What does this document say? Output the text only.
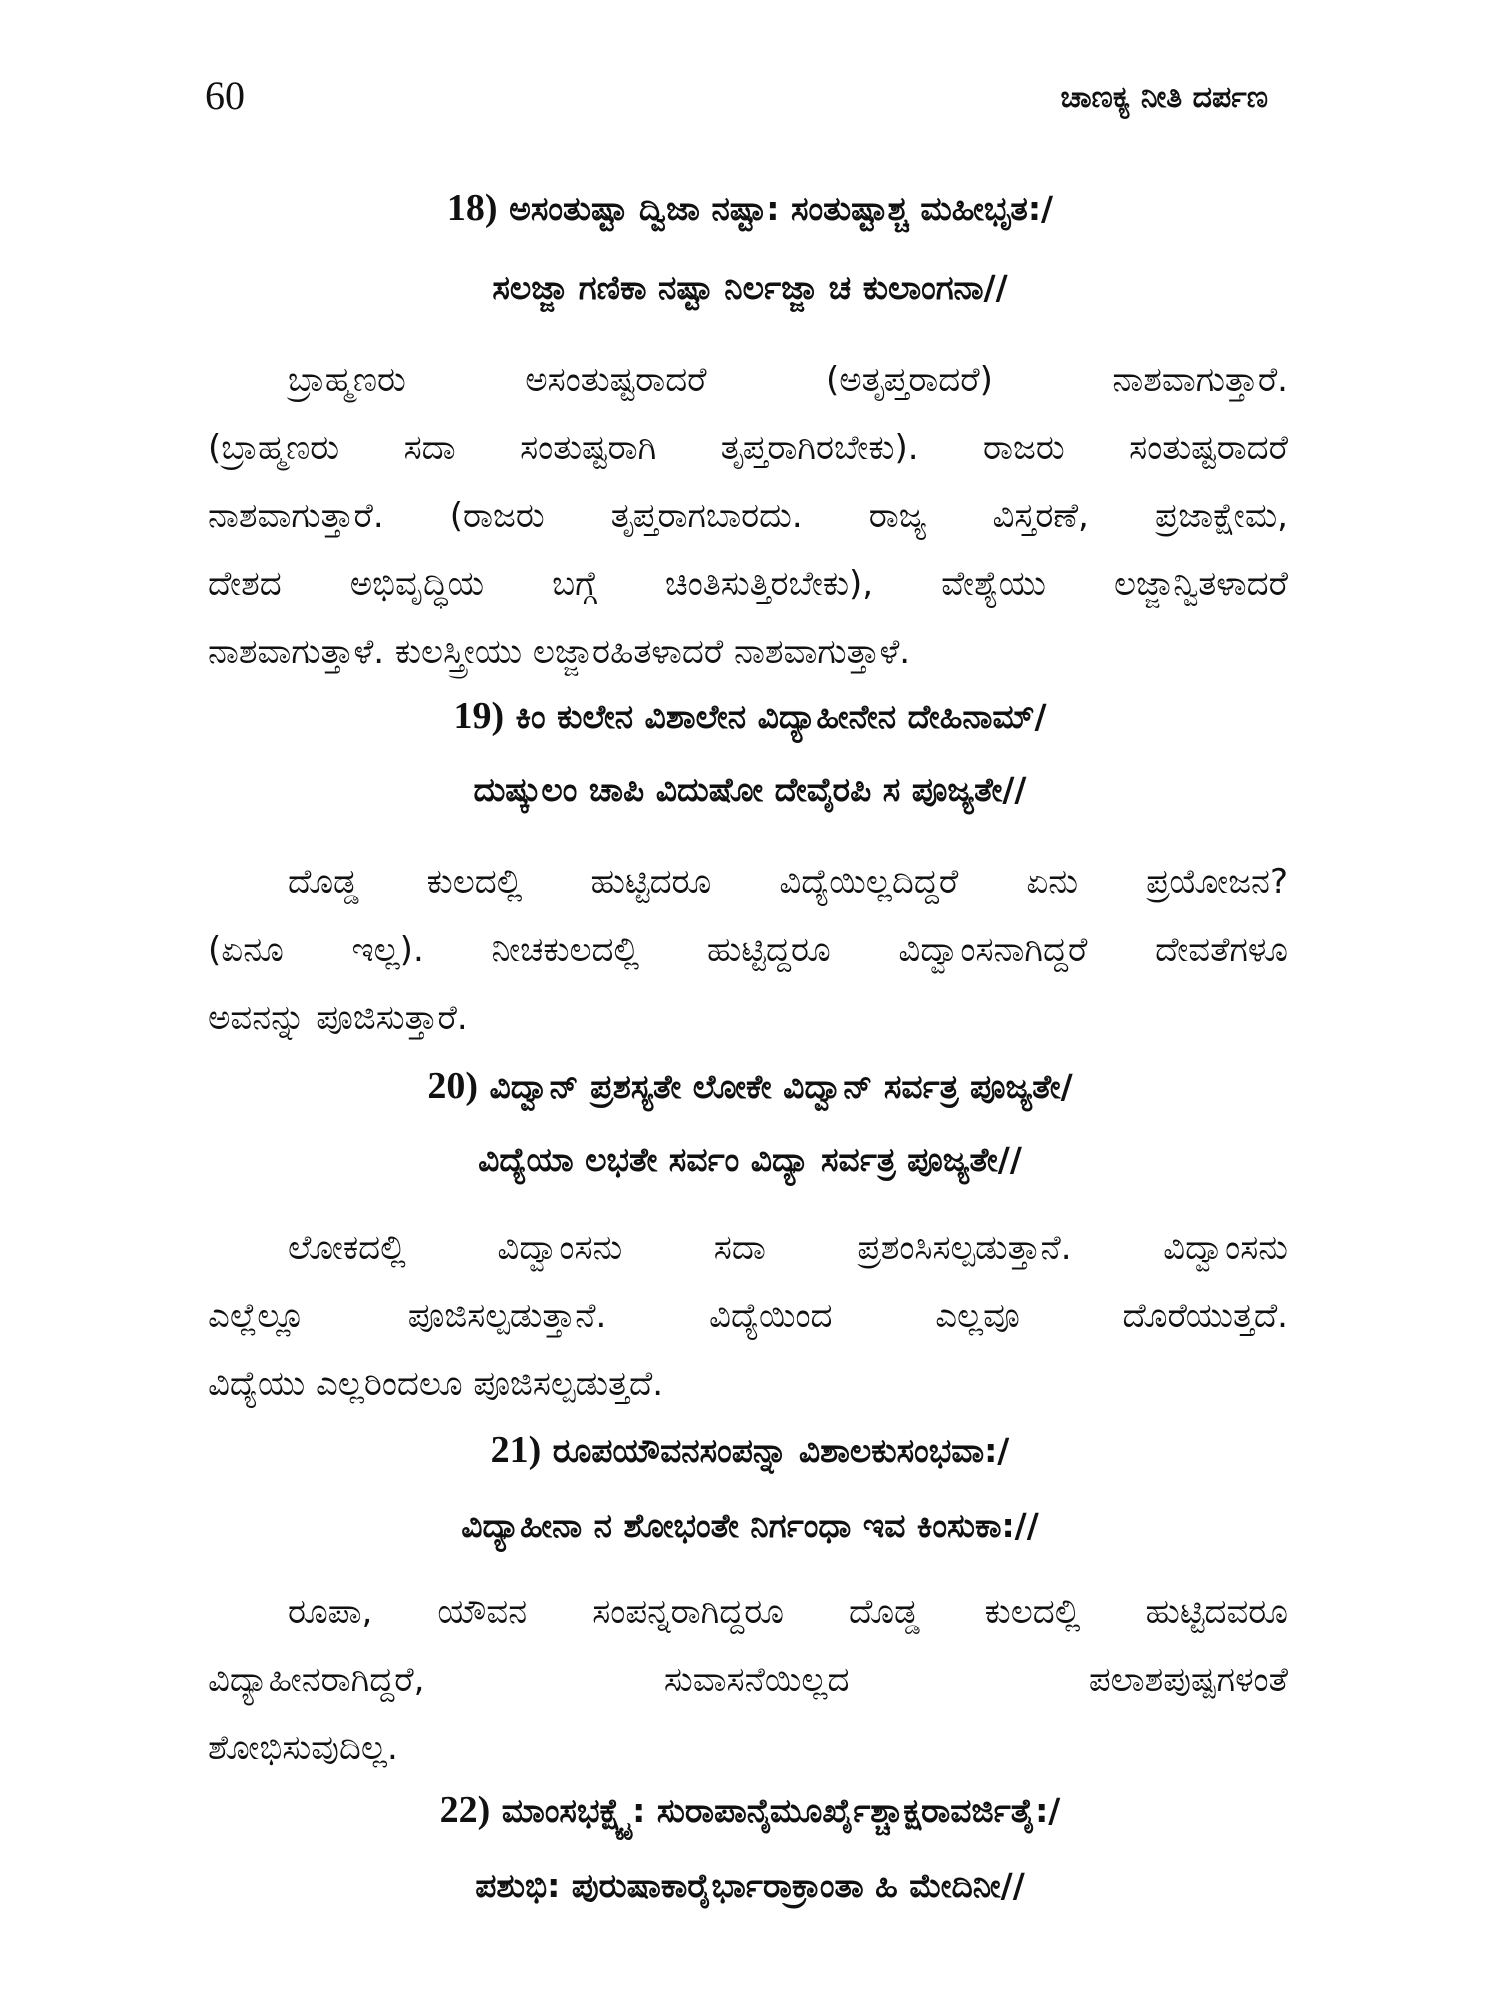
60	ಚಾಣಕ್ಯ ನೀತಿ ದರ್ಪಣ
18) ಅಸಂತುಷ್ಟಾ ದ್ವಿಜಾ ನಷ್ಟಾ: ಸಂತುಷ್ಟಾಶ್ಚ ಮಹೀಭೃತ:/
ಸಲಜ್ಜಾ ಗಣಿಕಾ ನಷ್ಟಾ ನಿರ್ಲಜ್ಜಾ ಚ ಕುಲಾಂಗನಾ//
ಬ್ರಾಹ್ಮಣರು ಅಸಂತುಷ್ಟರಾದರೆ (ಅತೃಪ್ತರಾದರೆ) ನಾಶವಾಗುತ್ತಾರೆ.
(ಬ್ರಾಹ್ಮಣರು ಸದಾ ಸಂತುಷ್ಟರಾಗಿ ತೃಪ್ತರಾಗಿರಬೇಕು). ರಾಜರು ಸಂತುಷ್ಟರಾದರೆ
ನಾಶವಾಗುತ್ತಾರೆ. (ರಾಜರು ತೃಪ್ತರಾಗಬಾರದು. ರಾಜ್ಯ ವಿಸ್ತರಣೆ, ಪ್ರಜಾಕ್ಷೇಮ,
ದೇಶದ ಅಭಿವೃದ್ಧಿಯ ಬಗ್ಗೆ ಚಿಂತಿಸುತ್ತಿರಬೇಕು), ವೇಶ್ಯೆಯು ಲಜ್ಜಾನ್ವಿತಳಾದರೆ
ನಾಶವಾಗುತ್ತಾಳೆ. ಕುಲಸ್ತ್ರೀಯು ಲಜ್ಜಾರಹಿತಳಾದರೆ ನಾಶವಾಗುತ್ತಾಳೆ.
19) ಕಿಂ ಕುಲೇನ ವಿಶಾಲೇನ ವಿದ್ಯಾಹೀನೇನ ದೇಹಿನಾಮ್/
ದುಷ್ಕುಲಂ ಚಾಪಿ ವಿದುಷೋ ದೇವೈರಪಿ ಸ ಪೂಜ್ಯತೇ//
ದೊಡ್ಡ ಕುಲದಲ್ಲಿ ಹುಟ್ಟಿದರೂ ವಿದ್ಯೆಯಿಲ್ಲದಿದ್ದರೆ ಏನು ಪ್ರಯೋಜನ?
(ಏನೂ ಇಲ್ಲ). ನೀಚಕುಲದಲ್ಲಿ ಹುಟ್ಟಿದ್ದರೂ ವಿದ್ವಾಂಸನಾಗಿದ್ದರೆ ದೇವತೆಗಳೂ
ಅವನನ್ನು ಪೂಜಿಸುತ್ತಾರೆ.
20) ವಿದ್ವಾನ್ ಪ್ರಶಸ್ಯತೇ ಲೋಕೇ ವಿದ್ವಾನ್ ಸರ್ವತ್ರ ಪೂಜ್ಯತೇ/
ವಿದ್ಯೆಯಾ ಲಭತೇ ಸರ್ವಂ ವಿದ್ಯಾ ಸರ್ವತ್ರ ಪೂಜ್ಯತೇ//
ಲೋಕದಲ್ಲಿ ವಿದ್ವಾಂಸನು ಸದಾ ಪ್ರಶಂಸಿಸಲ್ಪಡುತ್ತಾನೆ. ವಿದ್ವಾಂಸನು
ಎಲ್ಲೆಲ್ಲೂ ಪೂಜಿಸಲ್ಪಡುತ್ತಾನೆ. ವಿದ್ಯೆಯಿಂದ ಎಲ್ಲವೂ ದೊರೆಯುತ್ತದೆ.
ವಿದ್ಯೆಯು ಎಲ್ಲರಿಂದಲೂ ಪೂಜಿಸಲ್ಪಡುತ್ತದೆ.
21) ರೂಪಯೌವನಸಂಪನ್ನಾ ವಿಶಾಲಕುಸಂಭವಾ:/
ವಿದ್ಯಾಹೀನಾ ನ ಶೋಭಂತೇ ನಿರ್ಗಂಧಾ ಇವ ಕಿಂಸುಕಾ://
ರೂಪಾ, ಯೌವನ ಸಂಪನ್ನರಾಗಿದ್ದರೂ ದೊಡ್ಡ ಕುಲದಲ್ಲಿ ಹುಟ್ಟಿದವರೂ
ವಿದ್ಯಾಹೀನರಾಗಿದ್ದರೆ, ಸುವಾಸನೆಯಿಲ್ಲದ ಪಲಾಶಪುಷ್ಪಗಳಂತೆ
ಶೋಭಿಸುವುದಿಲ್ಲ.
22) ಮಾಂಸಭಕ್ಷ್ಯೈ: ಸುರಾಪಾನೈಮೂರ್ಖೈಶ್ಚಾಕ್ಷರಾವರ್ಜಿತೈ:/
ಪಶುಭಿ: ಪುರುಷಾಕಾರೈರ್ಭಾರಾಕ್ರಾಂತಾ ಹಿ ಮೇದಿನೀ//
